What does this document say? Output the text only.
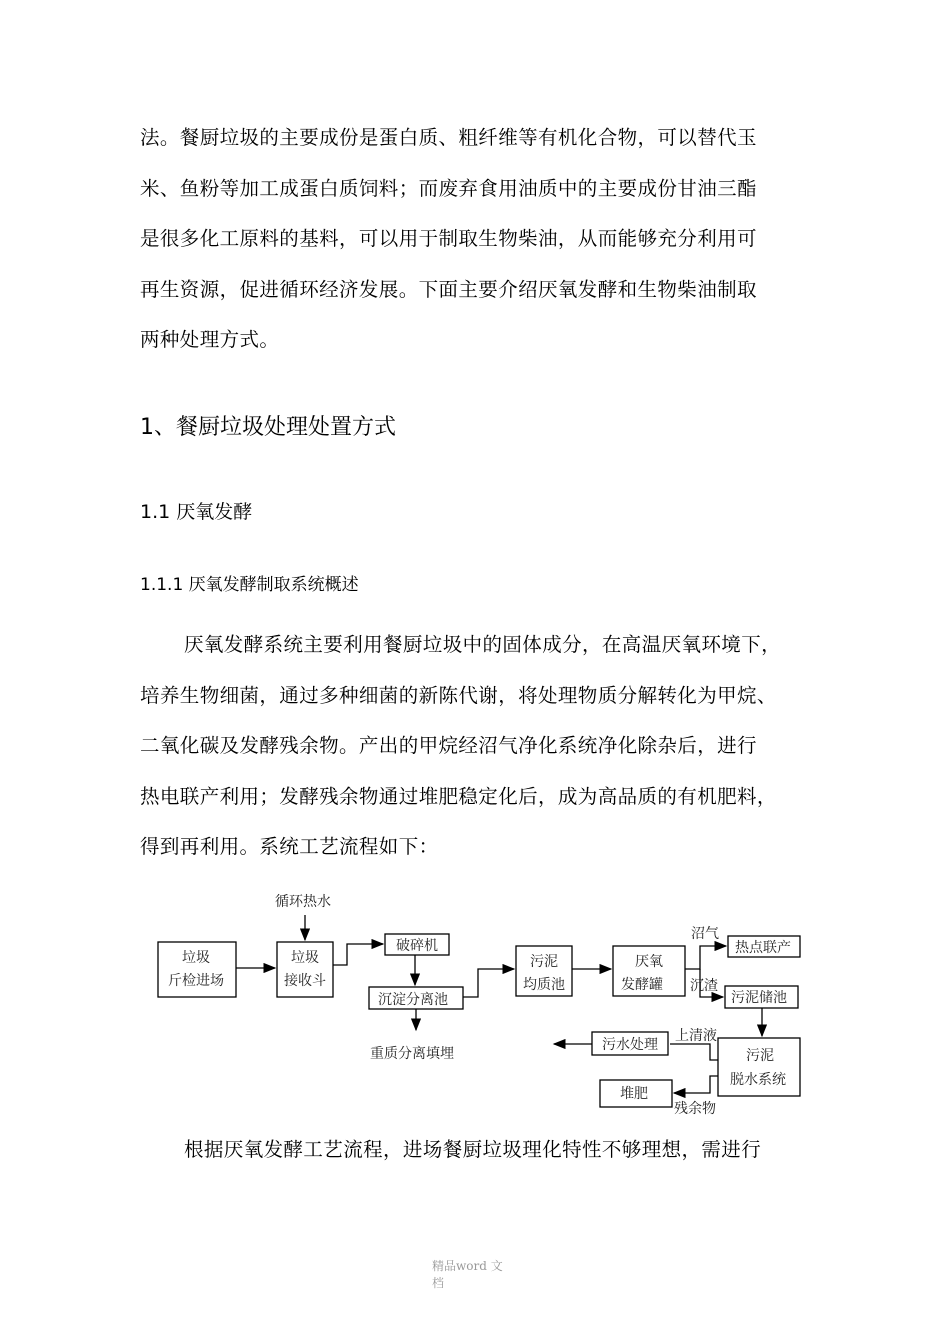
法。餐厨垃圾的主要成份是蛋白质、粗纤维等有机化合物，可以替代玉
米、鱼粉等加工成蛋白质饲料；而废弃食用油质中的主要成份甘油三酯
是很多化工原料的基料，可以用于制取生物柴油，从而能够充分利用可
再生资源，促进循环经济发展。下面主要介绍厌氧发酵和生物柴油制取
两种处理方式。
1、餐厨垃圾处理处置方式
1.1 厌氧发酵
1.1.1 厌氧发酵制取系统概述
厌氧发酵系统主要利用餐厨垃圾中的固体成分，在高温厌氧环境下，
培养生物细菌，通过多种细菌的新陈代谢，将处理物质分解转化为甲烷、
二氧化碳及发酵残余物。产出的甲烷经沼气净化系统净化除杂后，进行
热电联产利用；发酵残余物通过堆肥稳定化后，成为高品质的有机肥料，
得到再利用。系统工艺流程如下：
循环热水
垃圾
斤检进场
垃圾
接收斗
破碎机
沉淀分离池
重质分离填埋
污泥
均质池
厌氧
发酵罐
沼气
热点联产
沉渣
污泥储池
污泥
脱水系统
上清液
污水处理
堆肥
残余物
根据厌氧发酵工艺流程，进场餐厨垃圾理化特性不够理想，需进行
精品word 文
档
